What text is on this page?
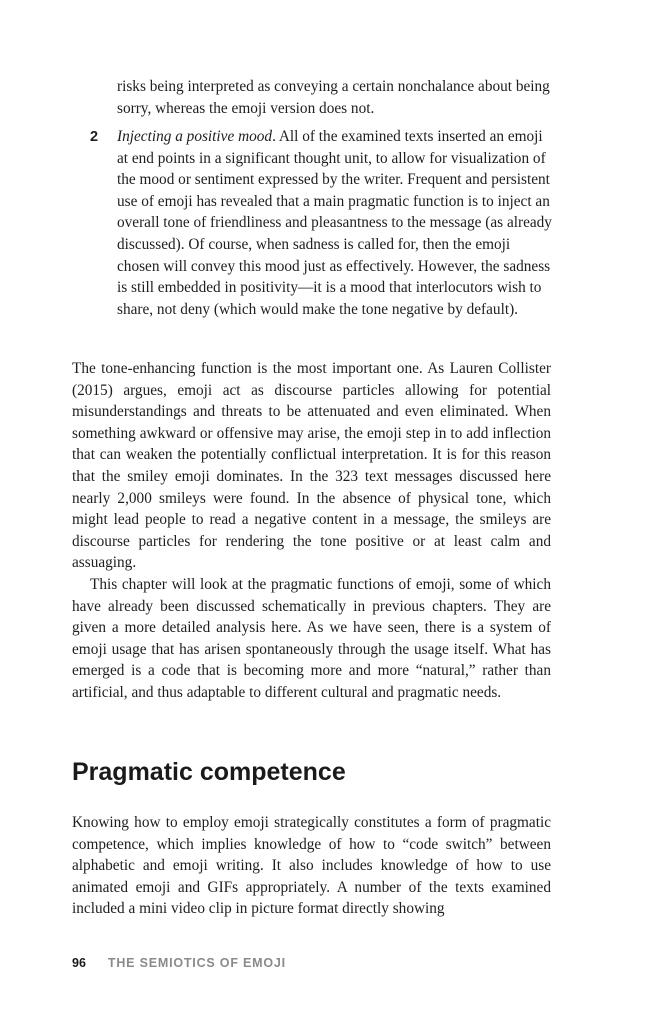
risks being interpreted as conveying a certain nonchalance about being sorry, whereas the emoji version does not.

2 Injecting a positive mood. All of the examined texts inserted an emoji at end points in a significant thought unit, to allow for visualization of the mood or sentiment expressed by the writer. Frequent and persistent use of emoji has revealed that a main pragmatic function is to inject an overall tone of friendliness and pleasantness to the message (as already discussed). Of course, when sadness is called for, then the emoji chosen will convey this mood just as effectively. However, the sadness is still embedded in positivity—it is a mood that interlocutors wish to share, not deny (which would make the tone negative by default).

The tone-enhancing function is the most important one. As Lauren Collister (2015) argues, emoji act as discourse particles allowing for potential misunderstandings and threats to be attenuated and even eliminated. When something awkward or offensive may arise, the emoji step in to add inflection that can weaken the potentially conflictual interpretation. It is for this reason that the smiley emoji dominates. In the 323 text messages discussed here nearly 2,000 smileys were found. In the absence of physical tone, which might lead people to read a negative content in a message, the smileys are discourse particles for rendering the tone positive or at least calm and assuaging.

This chapter will look at the pragmatic functions of emoji, some of which have already been discussed schematically in previous chapters. They are given a more detailed analysis here. As we have seen, there is a system of emoji usage that has arisen spontaneously through the usage itself. What has emerged is a code that is becoming more and more “natural,” rather than artificial, and thus adaptable to different cultural and pragmatic needs.

Pragmatic competence

Knowing how to employ emoji strategically constitutes a form of pragmatic competence, which implies knowledge of how to “code switch” between alphabetic and emoji writing. It also includes knowledge of how to use animated emoji and GIFs appropriately. A number of the texts examined included a mini video clip in picture format directly showing

96 THE SEMIOTICS OF EMOJI
